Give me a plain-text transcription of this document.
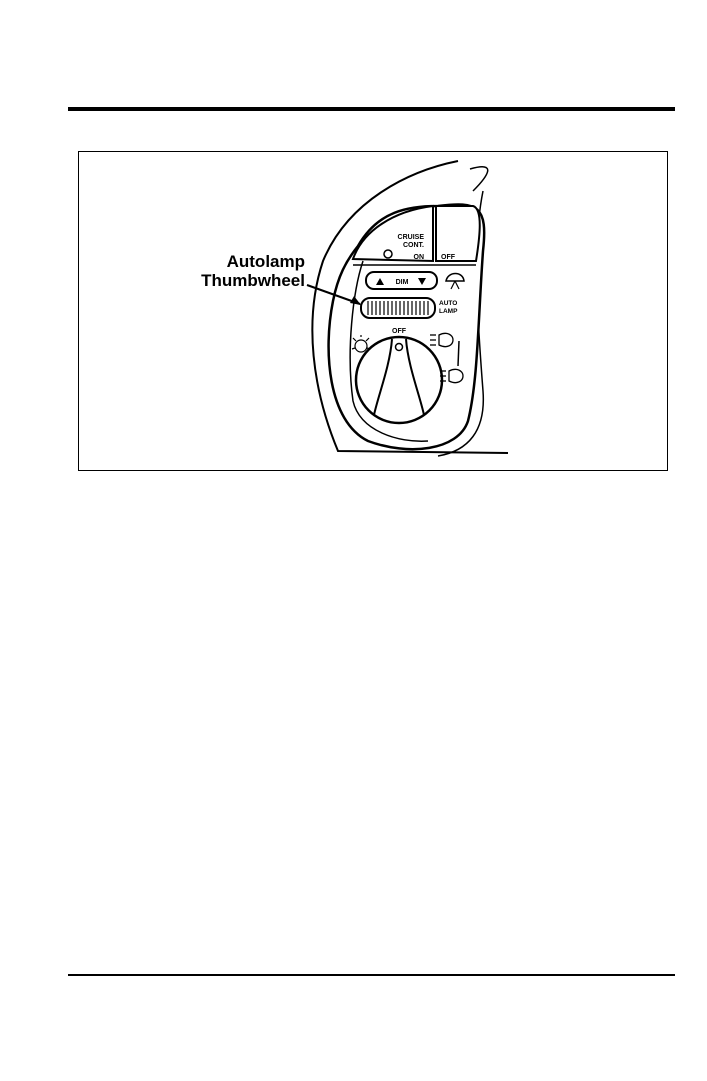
CRUISE
CONT.
ON OFF
DIM
AUTO
LAMP
OFF
Autolamp
Thumbwheel
